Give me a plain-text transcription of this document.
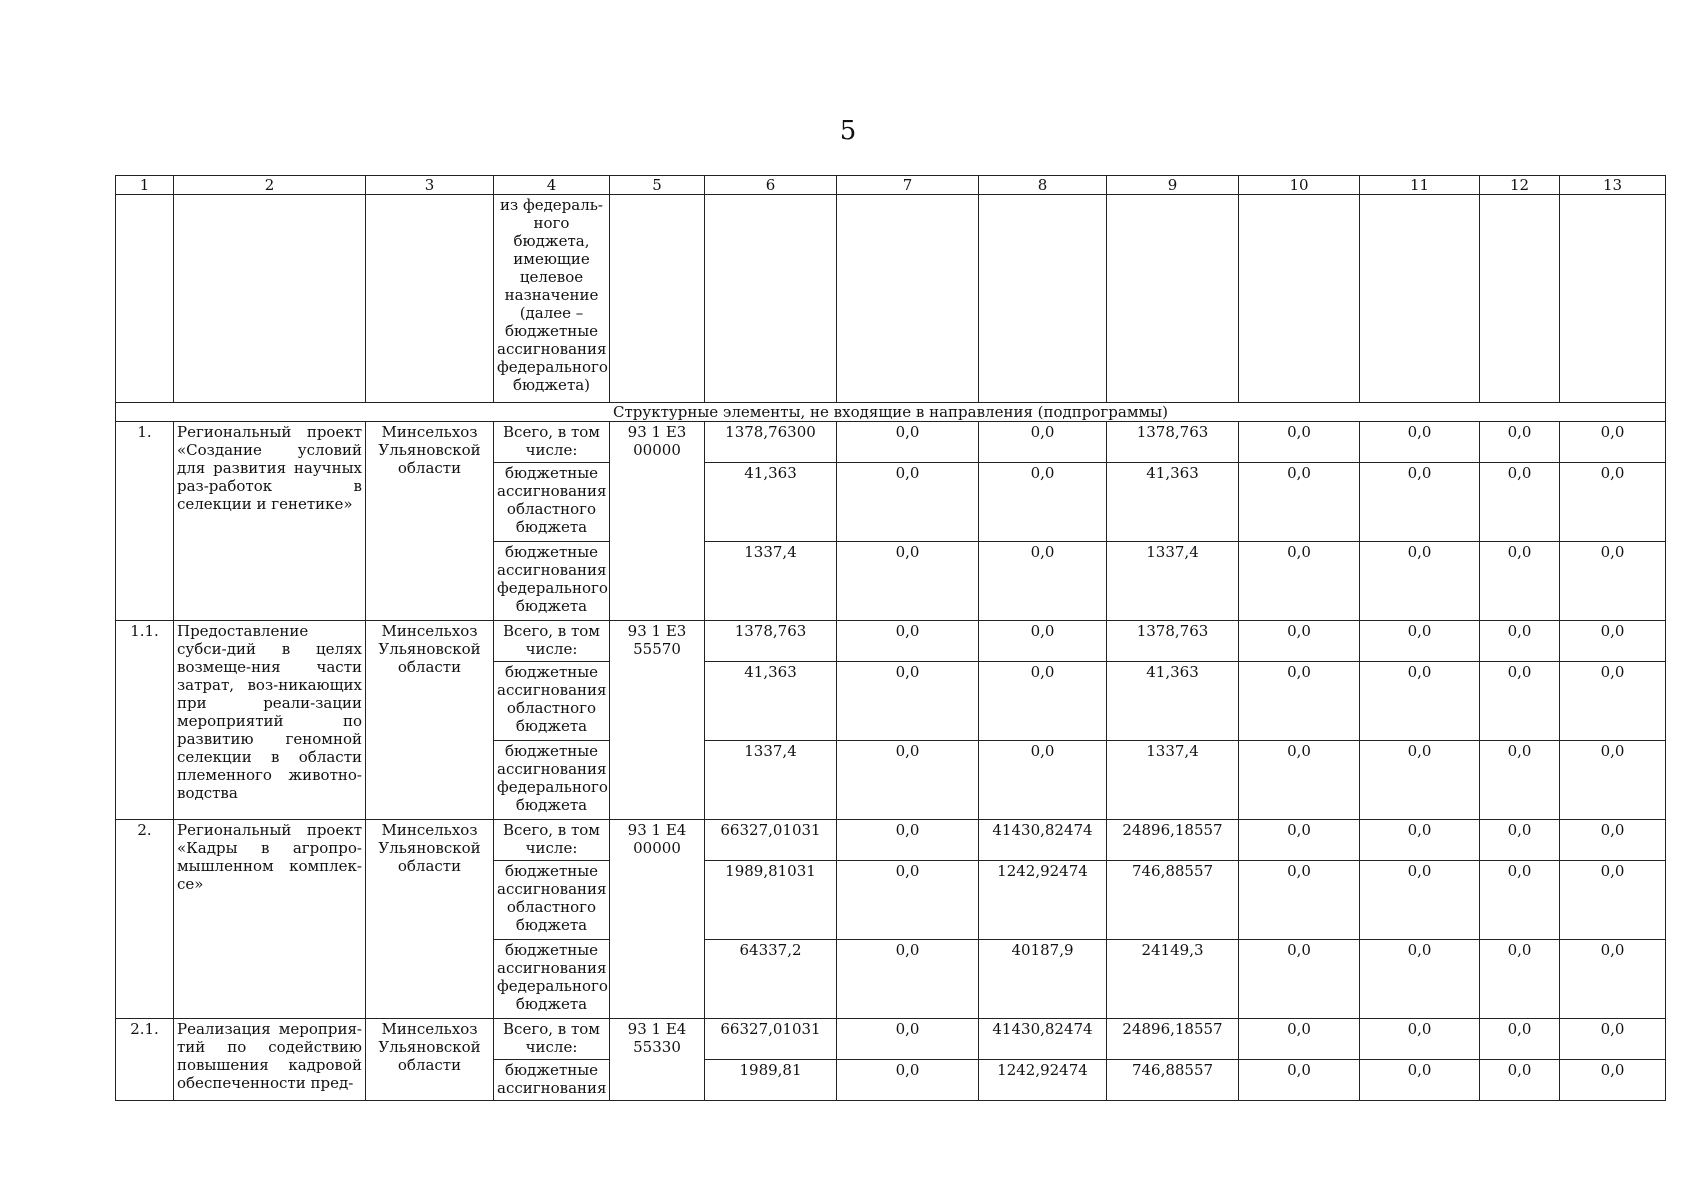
5
1	2	3	4	5	6	7	8	9	10	11	12	13
			из федераль-ного бюджета, имеющие целевое назначение (далее – бюджетные ассигнования федерального бюджета)									
Структурные элементы, не входящие в направления (подпрограммы)												
1.	Региональный проект «Создание условий для развития научных раз-работок в селекции и генетике»	Минсельхоз Ульяновской области	Всего, в том числе:	93 1 E3 00000	1378,76300	0,0	0,0	1378,763	0,0	0,0	0,0	0,0
			бюджетные ассигнования областного бюджета		41,363	0,0	0,0	41,363	0,0	0,0	0,0	0,0
			бюджетные ассигнования федерального бюджета		1337,4	0,0	0,0	1337,4	0,0	0,0	0,0	0,0
1.1.	Предоставление субси-дий в целях возмеще-ния части затрат, воз-никающих при реали-зации мероприятий по развитию геномной селекции в области племенного животно-водства	Минсельхоз Ульяновской области	Всего, в том числе:	93 1 E3 55570	1378,763	0,0	0,0	1378,763	0,0	0,0	0,0	0,0
			бюджетные ассигнования областного бюджета		41,363	0,0	0,0	41,363	0,0	0,0	0,0	0,0
			бюджетные ассигнования федерального бюджета		1337,4	0,0	0,0	1337,4	0,0	0,0	0,0	0,0
2.	Региональный проект «Кадры в агропро-мышленном комплек-се»	Минсельхоз Ульяновской области	Всего, в том числе:	93 1 E4 00000	66327,01031	0,0	41430,82474	24896,18557	0,0	0,0	0,0	0,0
			бюджетные ассигнования областного бюджета		1989,81031	0,0	1242,92474	746,88557	0,0	0,0	0,0	0,0
			бюджетные ассигнования федерального бюджета		64337,2	0,0	40187,9	24149,3	0,0	0,0	0,0	0,0
2.1.	Реализация мероприя-тий по содействию повышения кадровой обеспеченности пред-	Минсельхоз Ульяновской области	Всего, в том числе:	93 1 E4 55330	66327,01031	0,0	41430,82474	24896,18557	0,0	0,0	0,0	0,0
			бюджетные ассигнования		1989,81	0,0	1242,92474	746,88557	0,0	0,0	0,0	0,0
